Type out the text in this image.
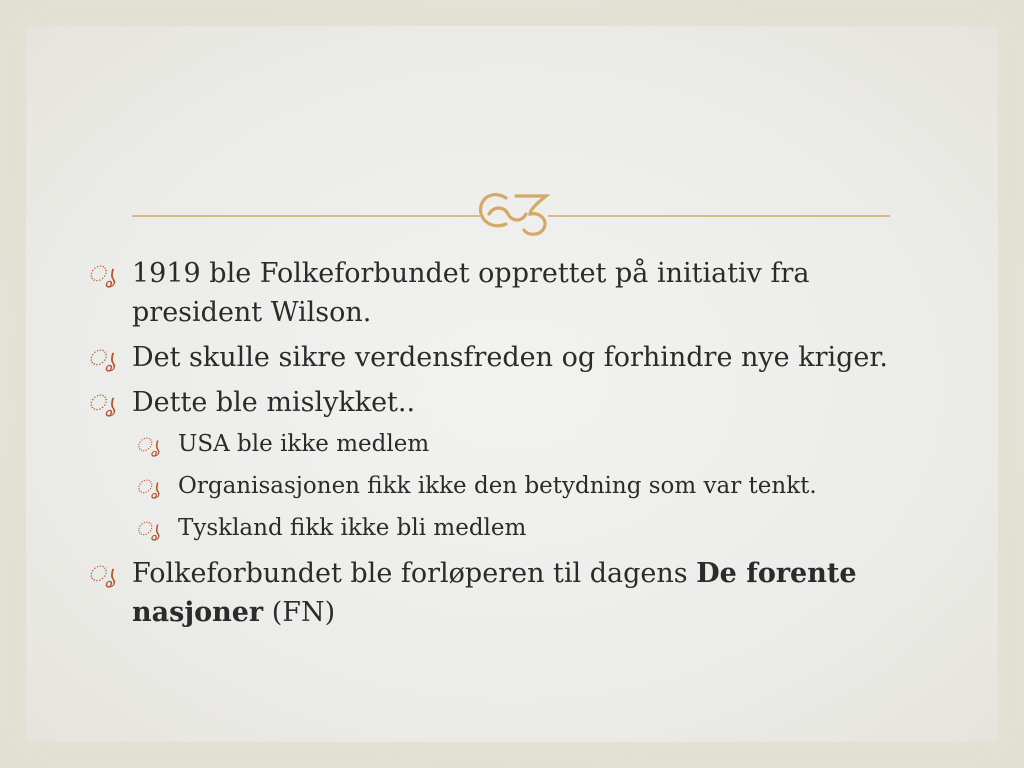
ൃ 1919 ble Folkeforbundet opprettet på initiativ fra president Wilson.
ൃ Det skulle sikre verdensfreden og forhindre nye kriger.
ൃ Dette ble mislykket..
ൃ USA ble ikke medlem
ൃ Organisasjonen fikk ikke den betydning som var tenkt.
ൃ Tyskland fikk ikke bli medlem
ൃ Folkeforbundet ble forløperen til dagens De forente nasjoner (FN)
